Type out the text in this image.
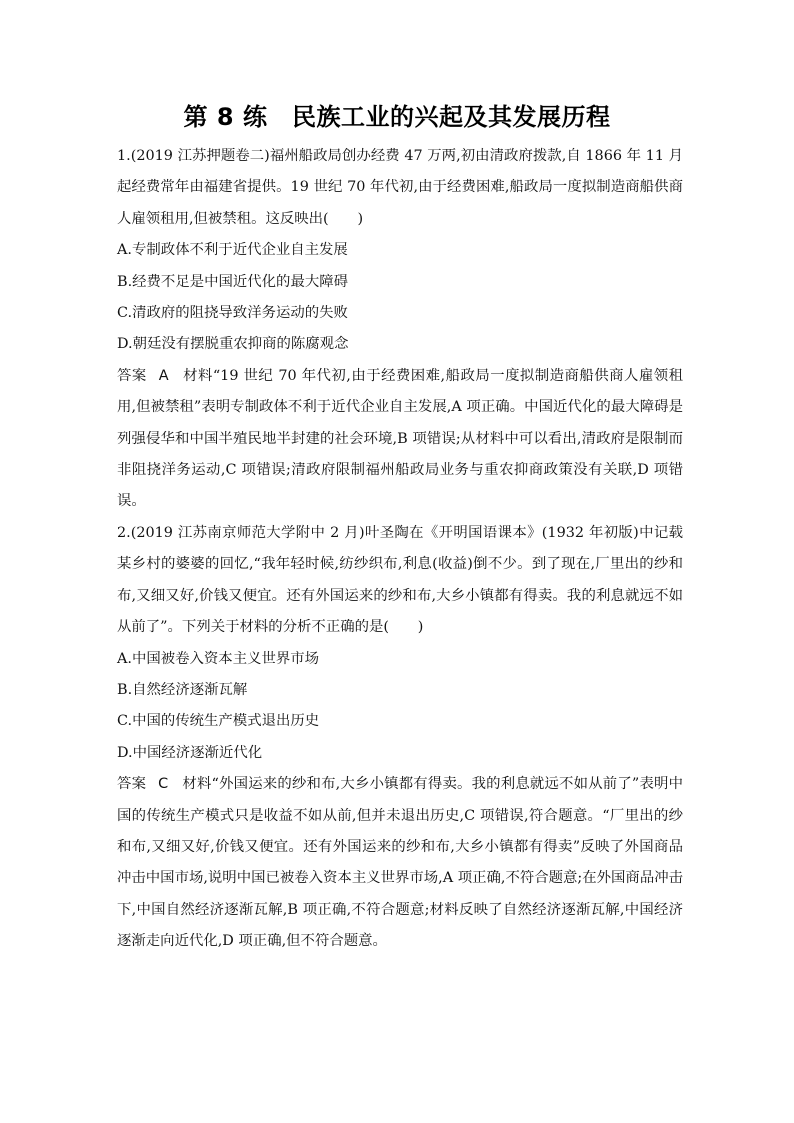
第 8 练　民族工业的兴起及其发展历程

1.(2019 江苏押题卷二)福州船政局创办经费 47 万两,初由清政府拨款,自 1866 年 11 月起经费常年由福建省提供。19 世纪 70 年代初,由于经费困难,船政局一度拟制造商船供商人雇领租用,但被禁租。这反映出(　　)

A.专制政体不利于近代企业自主发展

B.经费不足是中国近代化的最大障碍

C.清政府的阻挠导致洋务运动的失败

D.朝廷没有摆脱重农抑商的陈腐观念

答案 A 材料“19 世纪 70 年代初,由于经费困难,船政局一度拟制造商船供商人雇领租用,但被禁租”表明专制政体不利于近代企业自主发展,A 项正确。中国近代化的最大障碍是列强侵华和中国半殖民地半封建的社会环境,B 项错误;从材料中可以看出,清政府是限制而非阻挠洋务运动,C 项错误;清政府限制福州船政局业务与重农抑商政策没有关联,D 项错误。

2.(2019 江苏南京师范大学附中 2 月)叶圣陶在《开明国语课本》(1932 年初版)中记载某乡村的婆婆的回忆,“我年轻时候,纺纱织布,利息(收益)倒不少。到了现在,厂里出的纱和布,又细又好,价钱又便宜。还有外国运来的纱和布,大乡小镇都有得卖。我的利息就远不如从前了”。下列关于材料的分析不正确的是(　　)

A.中国被卷入资本主义世界市场

B.自然经济逐渐瓦解

C.中国的传统生产模式退出历史

D.中国经济逐渐近代化

答案 C 材料“外国运来的纱和布,大乡小镇都有得卖。我的利息就远不如从前了”表明中国的传统生产模式只是收益不如从前,但并未退出历史,C 项错误,符合题意。“厂里出的纱和布,又细又好,价钱又便宜。还有外国运来的纱和布,大乡小镇都有得卖”反映了外国商品冲击中国市场,说明中国已被卷入资本主义世界市场,A 项正确,不符合题意;在外国商品冲击下,中国自然经济逐渐瓦解,B 项正确,不符合题意;材料反映了自然经济逐渐瓦解,中国经济逐渐走向近代化,D 项正确,但不符合题意。
